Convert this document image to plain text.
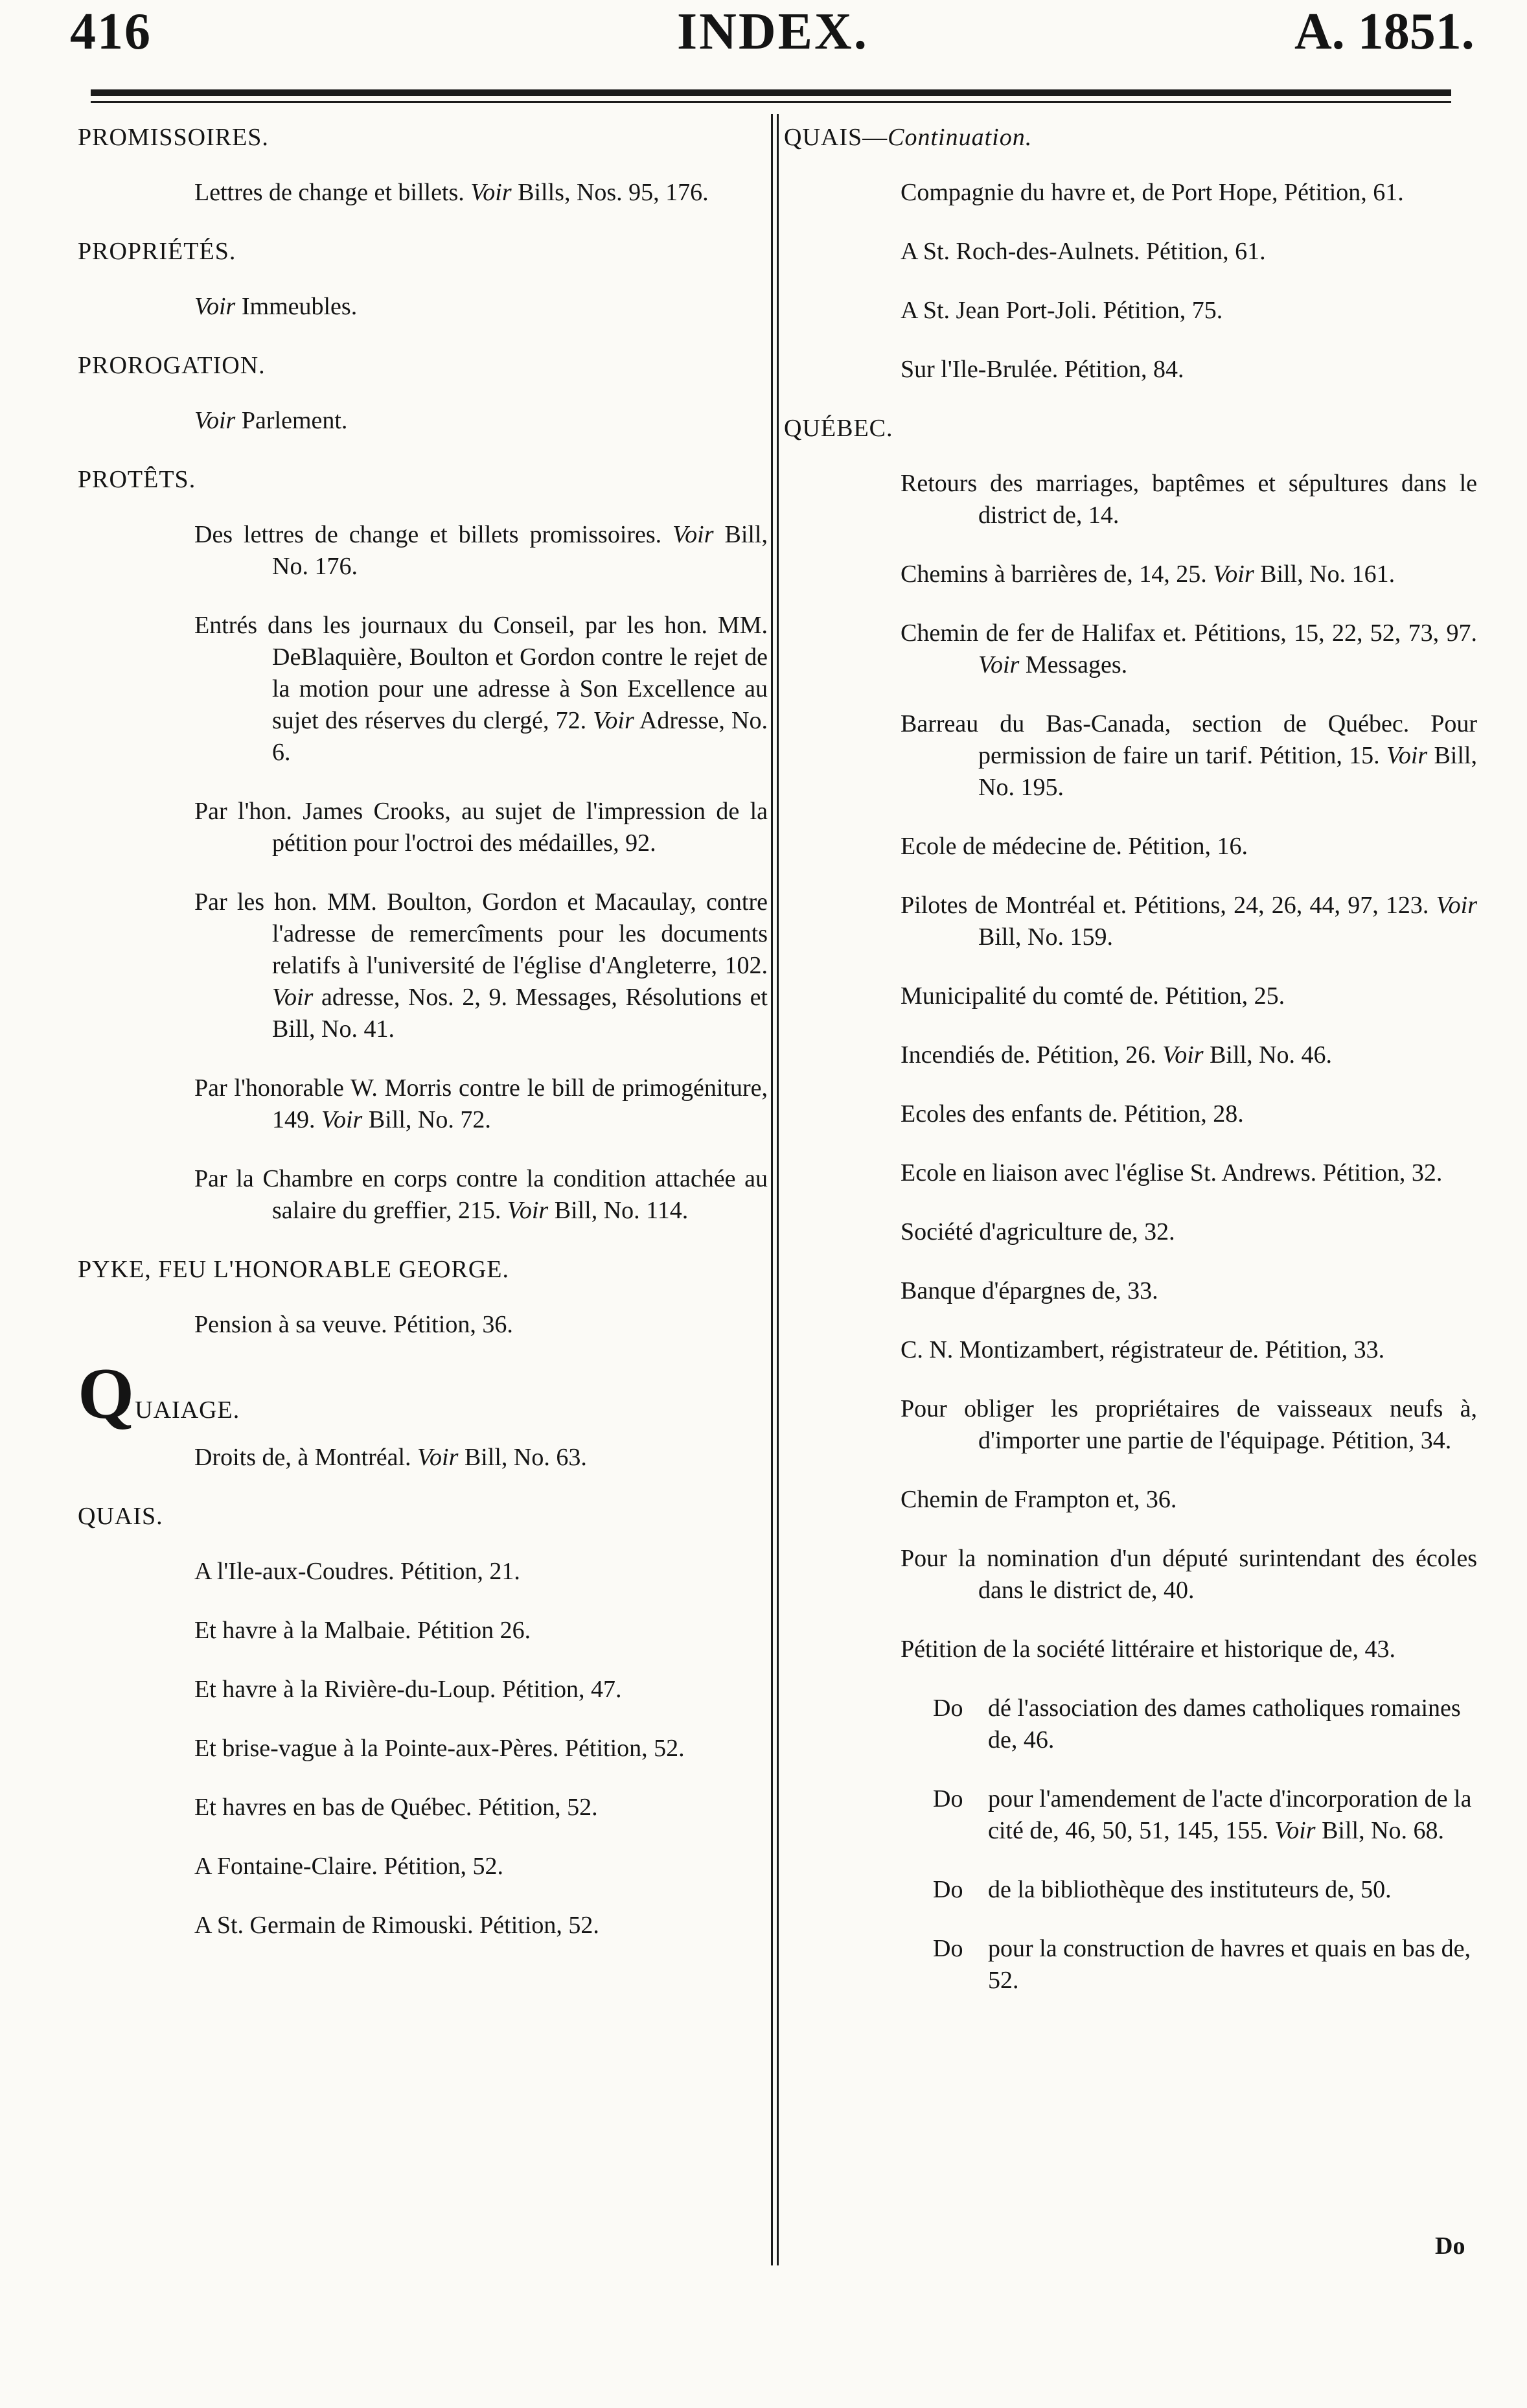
416	INDEX.	A. 1851.
PROMISSOIRES.
Lettres de change et billets. Voir Bills, Nos. 95, 176.
PROPRIÉTÉS.
Voir Immeubles.
PROROGATION.
Voir Parlement.
PROTÊTS.
Des lettres de change et billets promissoires. Voir Bill, No. 176.
Entrés dans les journaux du Conseil, par les hon. MM. DeBlaquière, Boulton et Gordon contre le rejet de la motion pour une adresse à Son Excellence au sujet des réserves du clergé, 72. Voir Adresse, No. 6.
Par l'hon. James Crooks, au sujet de l'impression de la pétition pour l'octroi des médailles, 92.
Par les hon. MM. Boulton, Gordon et Macaulay, contre l'adresse de remercîments pour les documents relatifs à l'université de l'église d'Angleterre, 102. Voir adresse, Nos. 2, 9. Messages, Résolutions et Bill, No. 41.
Par l'honorable W. Morris contre le bill de primogéniture, 149. Voir Bill, No. 72.
Par la Chambre en corps contre la condition attachée au salaire du greffier, 215. Voir Bill, No. 114.
PYKE, FEU L'HONORABLE GEORGE.
Pension à sa veuve. Pétition, 36.
QUAIAGE.
Droits de, à Montréal. Voir Bill, No. 63.
QUAIS.
A l'Ile-aux-Coudres. Pétition, 21.
Et havre à la Malbaie. Pétition 26.
Et havre à la Rivière-du-Loup. Pétition, 47.
Et brise-vague à la Pointe-aux-Pères. Pétition, 52.
Et havres en bas de Québec. Pétition, 52.
A Fontaine-Claire. Pétition, 52.
A St. Germain de Rimouski. Pétition, 52.
QUAIS—Continuation.
Compagnie du havre et, de Port Hope, Pétition, 61.
A St. Roch-des-Aulnets. Pétition, 61.
A St. Jean Port-Joli. Pétition, 75.
Sur l'Ile-Brulée. Pétition, 84.
QUÉBEC.
Retours des marriages, baptêmes et sépultures dans le district de, 14.
Chemins à barrières de, 14, 25. Voir Bill, No. 161.
Chemin de fer de Halifax et. Pétitions, 15, 22, 52, 73, 97. Voir Messages.
Barreau du Bas-Canada, section de Québec. Pour permission de faire un tarif. Pétition, 15. Voir Bill, No. 195.
Ecole de médecine de. Pétition, 16.
Pilotes de Montréal et. Pétitions, 24, 26, 44, 97, 123. Voir Bill, No. 159.
Municipalité du comté de. Pétition, 25.
Incendiés de. Pétition, 26. Voir Bill, No. 46.
Ecoles des enfants de. Pétition, 28.
Ecole en liaison avec l'église St. Andrews. Pétition, 32.
Société d'agriculture de, 32.
Banque d'épargnes de, 33.
C. N. Montizambert, régistrateur de. Pétition, 33.
Pour obliger les propriétaires de vaisseaux neufs à, d'importer une partie de l'équipage. Pétition, 34.
Chemin de Frampton et, 36.
Pour la nomination d'un député surintendant des écoles dans le district de, 40.
Pétition de la société littéraire et historique de, 43.
Do dé l'association des dames catholiques romaines de, 46.
Do pour l'amendement de l'acte d'incorporation de la cité de, 46, 50, 51, 145, 155. Voir Bill, No. 68.
Do de la bibliothèque des instituteurs de, 50.
Do pour la construction de havres et quais en bas de, 52.
Do
